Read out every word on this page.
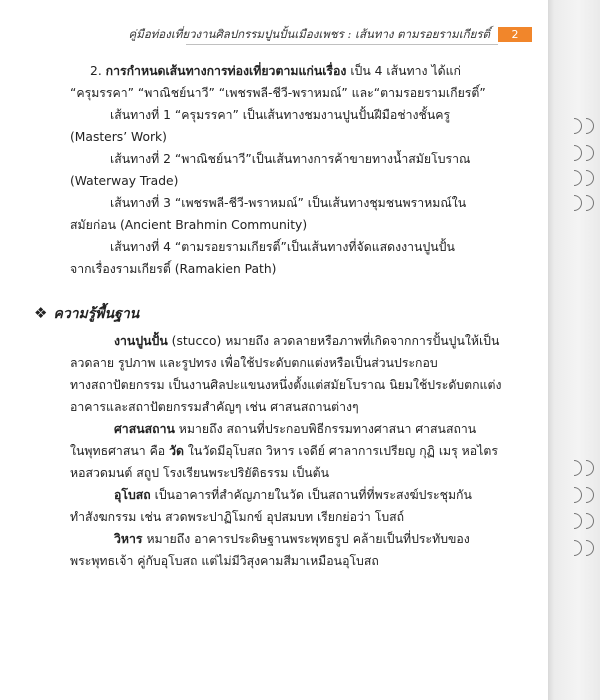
คู่มือท่องเที่ยวงานศิลปกรรมปูนปั้นเมืองเพชร : เส้นทาง ตามรอยรามเกียรติ์	2

2. การกำหนดเส้นทางการท่องเที่ยวตามแก่นเรื่อง เป็น 4 เส้นทาง ได้แก่

“ครุมรรคา” “พาณิชย์นาวี” “เพชรพลี-ชีวี-พราหมณ์” และ“ตามรอยรามเกียรติ์”

เส้นทางที่ 1 “ครุมรรคา” เป็นเส้นทางชมงานปูนปั้นฝีมือช่างชั้นครู

(Masters’ Work)

เส้นทางที่ 2 “พาณิชย์นาวี”เป็นเส้นทางการค้าขายทางน้ำสมัยโบราณ

(Waterway Trade)

เส้นทางที่ 3 “เพชรพลี-ชีวี-พราหมณ์” เป็นเส้นทางชุมชนพราหมณ์ใน

สมัยก่อน (Ancient Brahmin Community)

เส้นทางที่ 4 “ตามรอยรามเกียรติ์”เป็นเส้นทางที่จัดแสดงงานปูนปั้น

จากเรื่องรามเกียรติ์ (Ramakien Path)

❖ ความรู้พื้นฐาน

งานปูนปั้น (stucco) หมายถึง ลวดลายหรือภาพที่เกิดจากการปั้นปูนให้เป็น

ลวดลาย รูปภาพ และรูปทรง เพื่อใช้ประดับตกแต่งหรือเป็นส่วนประกอบ

ทางสถาปัตยกรรม เป็นงานศิลปะแขนงหนึ่งตั้งแต่สมัยโบราณ นิยมใช้ประดับตกแต่ง

อาคารและสถาปัตยกรรมสำคัญๆ เช่น ศาสนสถานต่างๆ

ศาสนสถาน หมายถึง สถานที่ประกอบพิธีกรรมทางศาสนา ศาสนสถาน

ในพุทธศาสนา คือ วัด ในวัดมีอุโบสถ วิหาร เจดีย์ ศาลาการเปรียญ กุฏิ เมรุ หอไตร

หอสวดมนต์ สถูป โรงเรียนพระปริยัติธรรม เป็นต้น

อุโบสถ เป็นอาคารที่สำคัญภายในวัด เป็นสถานที่ที่พระสงฆ์ประชุมกัน

ทำสังฆกรรม เช่น สวดพระปาฏิโมกข์ อุปสมบท เรียกย่อว่า โบสถ์

วิหาร หมายถึง อาคารประดิษฐานพระพุทธรูป คล้ายเป็นที่ประทับของ

พระพุทธเจ้า คู่กับอุโบสถ แต่ไม่มีวิสุงคามสีมาเหมือนอุโบสถ
